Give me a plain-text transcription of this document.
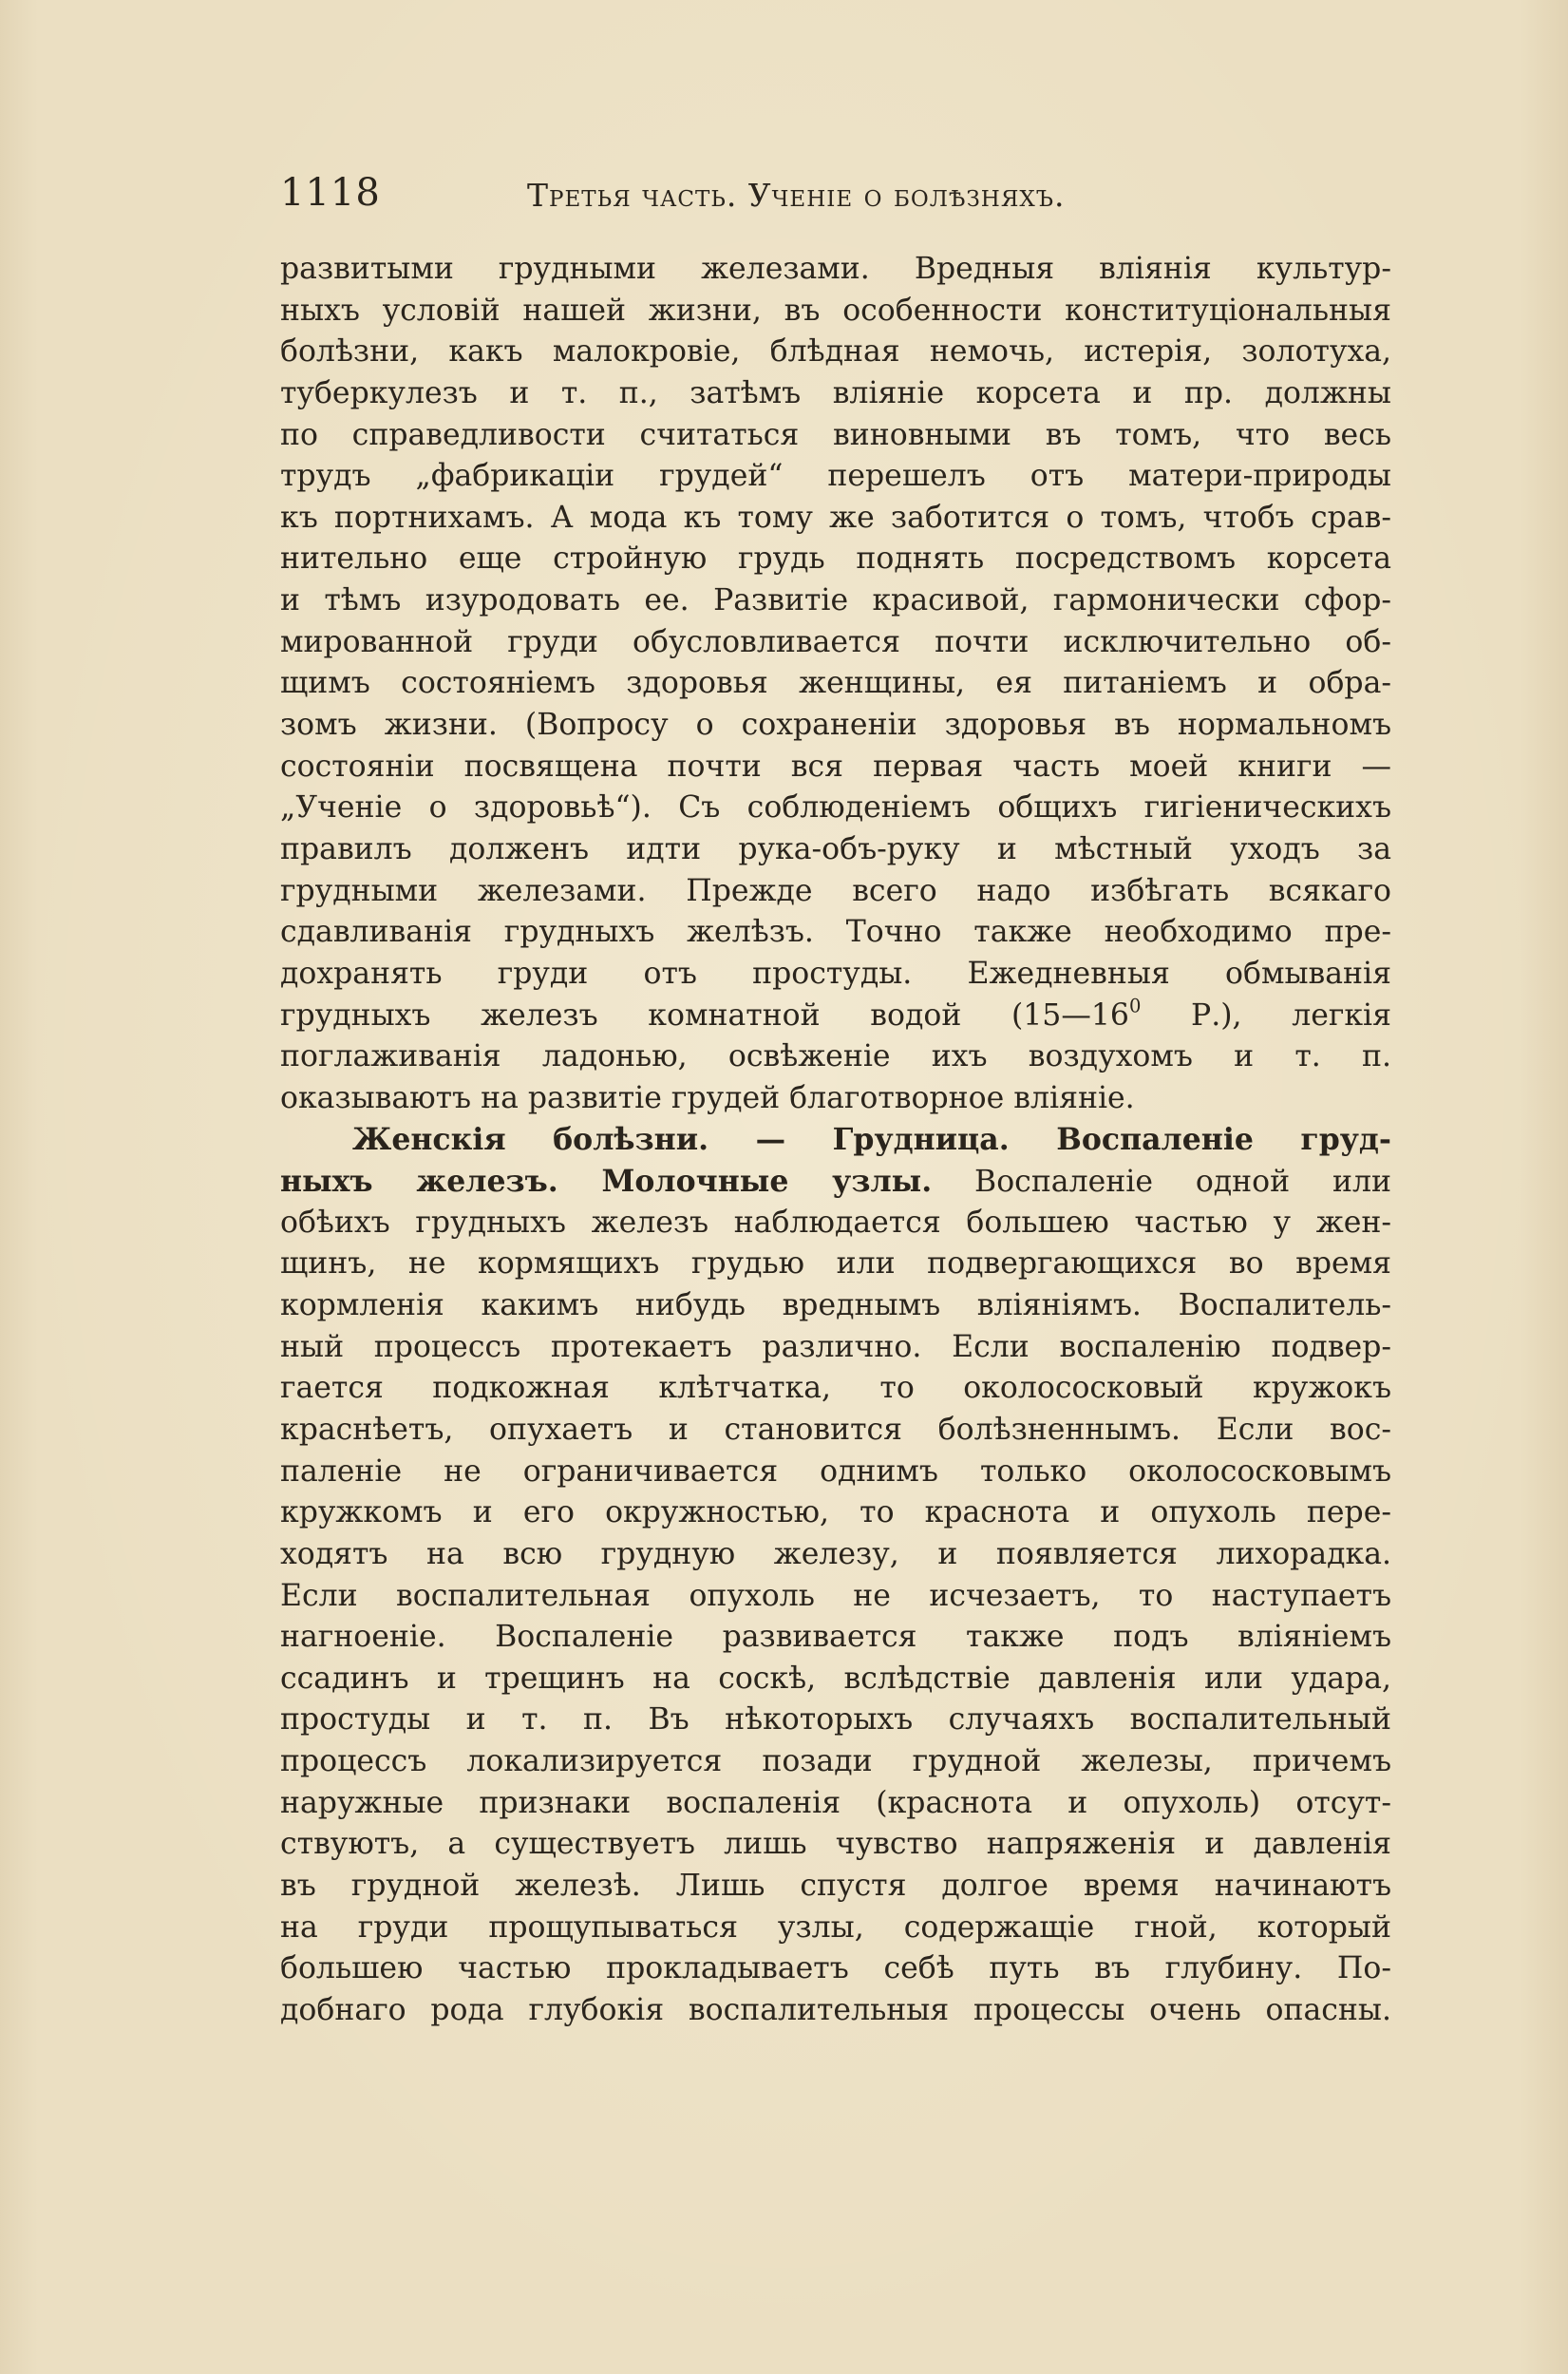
1118	Третья часть. Ученіе о болѣзняхъ.
развитыми грудными железами. Вредныя вліянія культур-
ныхъ условій нашей жизни, въ особенности конституціональныя
болѣзни, какъ малокровіе, блѣдная немочь, истерія, золотуха,
туберкулезъ и т. п., затѣмъ вліяніе корсета и пр. должны
по справедливости считаться виновными въ томъ, что весь
трудъ „фабрикаціи грудей“ перешелъ отъ матери-природы
къ портнихамъ. А мода къ тому же заботится о томъ, чтобъ срав-
нительно еще стройную грудь поднять посредствомъ корсета
и тѣмъ изуродовать ее. Развитіе красивой, гармонически сфор-
мированной груди обусловливается почти исключительно об-
щимъ состояніемъ здоровья женщины, ея питаніемъ и обра-
зомъ жизни. (Вопросу о сохраненіи здоровья въ нормальномъ
состояніи посвящена почти вся первая часть моей книги —
„Ученіе о здоровьѣ“). Съ соблюденіемъ общихъ гигіеническихъ
правилъ долженъ идти рука-объ-руку и мѣстный уходъ за
грудными железами. Прежде всего надо избѣгать всякаго
сдавливанія грудныхъ желѣзъ. Точно также необходимо пре-
дохранять груди отъ простуды. Ежедневныя обмыванія
грудныхъ железъ комнатной водой ($15—16^0$ Р.), легкія
поглаживанія ладонью, освѣженіе ихъ воздухомъ и т. п.
оказываютъ на развитіе грудей благотворное вліяніе.
Женскія болѣзни. — Грудница. Воспаленіе груд-
ныхъ железъ. Молочные узлы. Воспаленіе одной или
обѣихъ грудныхъ железъ наблюдается большею частью у жен-
щинъ, не кормящихъ грудью или подвергающихся во время
кормленія какимъ нибудь вреднымъ вліяніямъ. Воспалитель-
ный процессъ протекаетъ различно. Если воспаленію подвер-
гается подкожная клѣтчатка, то околососковый кружокъ
краснѣетъ, опухаетъ и становится болѣзненнымъ. Если вос-
паленіе не ограничивается однимъ только околососковымъ
кружкомъ и его окружностью, то краснота и опухоль пере-
ходятъ на всю грудную железу, и появляется лихорадка.
Если воспалительная опухоль не исчезаетъ, то наступаетъ
нагноеніе. Воспаленіе развивается также подъ вліяніемъ
ссадинъ и трещинъ на соскѣ, вслѣдствіе давленія или удара,
простуды и т. п. Въ нѣкоторыхъ случаяхъ воспалительный
процессъ локализируется позади грудной железы, причемъ
наружные признаки воспаленія (краснота и опухоль) отсут-
ствуютъ, а существуетъ лишь чувство напряженія и давленія
въ грудной железѣ. Лишь спустя долгое время начинаютъ
на груди прощупываться узлы, содержащіе гной, который
большею частью прокладываетъ себѣ путь въ глубину. По-
добнаго рода глубокія воспалительныя процессы очень опасны.
